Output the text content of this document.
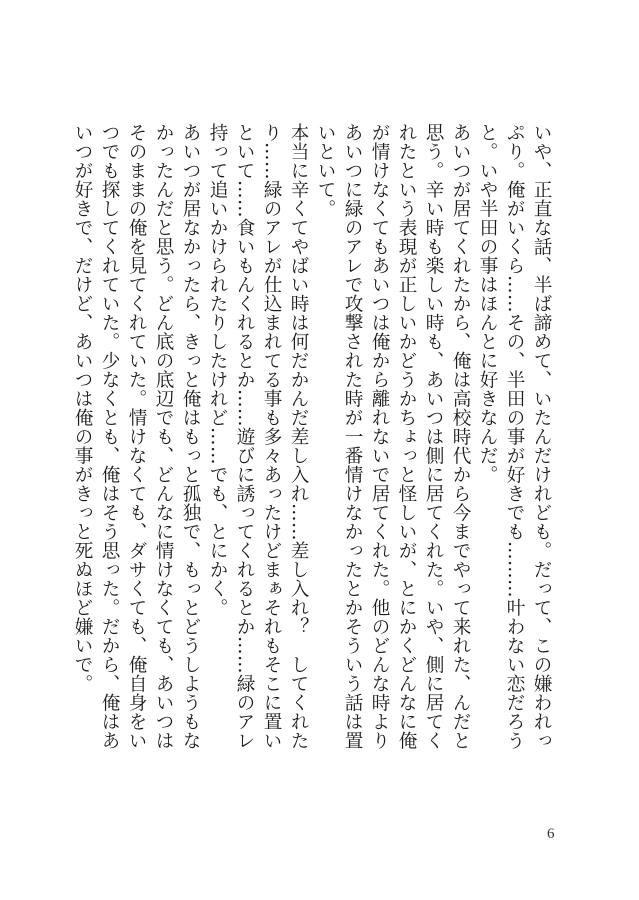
いや、正直な話、半ば諦めて、いたんだけれども。だって、この嫌われっぷり。俺がいくら……その、半田の事が好きでも………叶わない恋だろうと。いや半田の事はほんとに好きなんだ。

あいつが居てくれたから、俺は高校時代から今までやって来れた、んだと思う。辛い時も楽しい時も、あいつは側に居てくれた。いや、側に居てくれたという表現が正しいかどうかちょっと怪しいが、とにかくどんなに俺が情けなくてもあいつは俺から離れないで居てくれた。他のどんな時よりあいつに緑のアレで攻撃された時が一番情けなかったとかそういう話は置いといて。

本当に辛くてやばい時は何だかんだ差し入れ……差し入れ？　してくれたり……緑のアレが仕込まれてる事も多々あったけどまぁそれもそこに置いといて……食いもんくれるとか……遊びに誘ってくれるとか……緑のアレ持って追いかけられたりしたけれど……でも、とにかく。

あいつが居なかったら、きっと俺はもっと孤独で、もっとどうしようもなかったんだと思う。どん底の底辺でも、どんなに情けなくても、あいつはそのままの俺を見てくれていた。情けなくても、ダサくても、俺自身をいつでも探してくれていた。少なくとも、俺はそう思った。だから、俺はあいつが好きで、だけど、あいつは俺の事がきっと死ぬほど嫌いで。

6
